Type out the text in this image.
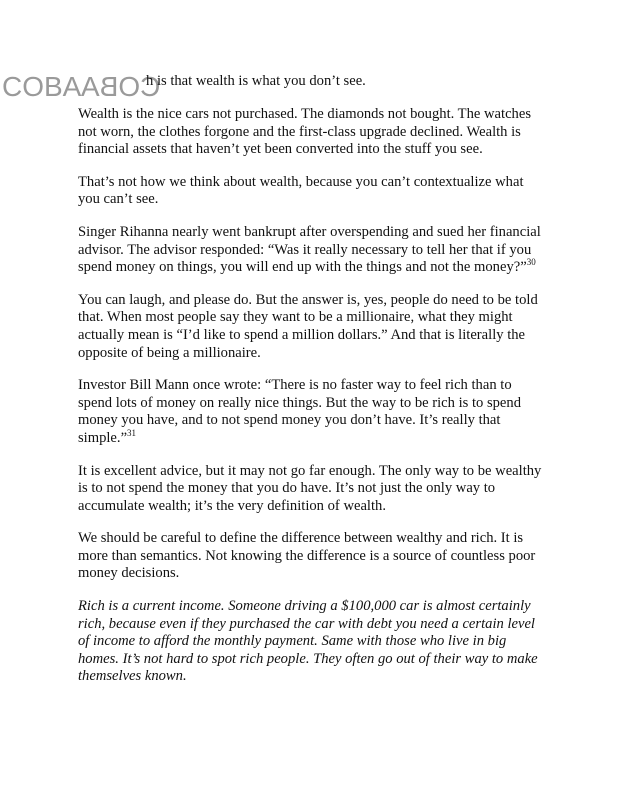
COBACOBA
h is that wealth is what you don’t see.

Wealth is the nice cars not purchased. The diamonds not bought. The watches not worn, the clothes forgone and the first-class upgrade declined. Wealth is financial assets that haven’t yet been converted into the stuff you see.

That’s not how we think about wealth, because you can’t contextualize what you can’t see.

Singer Rihanna nearly went bankrupt after overspending and sued her financial advisor. The advisor responded: “Was it really necessary to tell her that if you spend money on things, you will end up with the things and not the money?”$^{30}$

You can laugh, and please do. But the answer is, yes, people do need to be told that. When most people say they want to be a millionaire, what they might actually mean is “I’d like to spend a million dollars.” And that is literally the opposite of being a millionaire.

Investor Bill Mann once wrote: “There is no faster way to feel rich than to spend lots of money on really nice things. But the way to be rich is to spend money you have, and to not spend money you don’t have. It’s really that simple.”$^{31}$

It is excellent advice, but it may not go far enough. The only way to be wealthy is to not spend the money that you do have. It’s not just the only way to accumulate wealth; it’s the very definition of wealth.

We should be careful to define the difference between wealthy and rich. It is more than semantics. Not knowing the difference is a source of countless poor money decisions.

Rich is a current income. Someone driving a $100,000 car is almost certainly rich, because even if they purchased the car with debt you need a certain level of income to afford the monthly payment. Same with those who live in big homes. It’s not hard to spot rich people. They often go out of their way to make themselves known.
